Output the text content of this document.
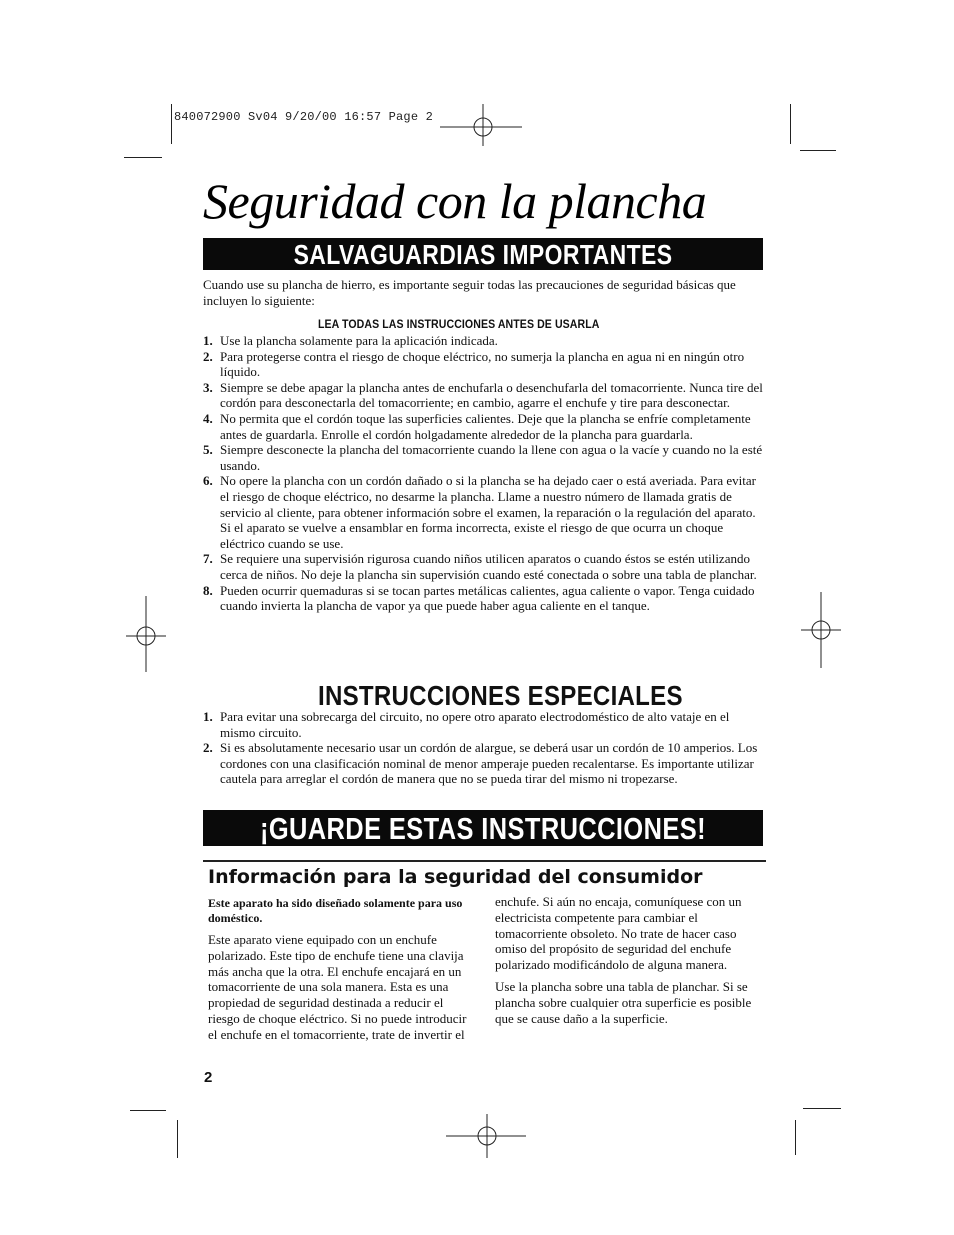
840072900 Sv04 9/20/00 16:57 Page 2
Seguridad con la plancha
SALVAGUARDIAS IMPORTANTES
Cuando use su plancha de hierro, es importante seguir todas las precauciones de seguridad básicas que incluyen lo siguiente:
LEA TODAS LAS INSTRUCCIONES ANTES DE USARLA
1. Use la plancha solamente para la aplicación indicada.
2. Para protegerse contra el riesgo de choque eléctrico, no sumerja la plancha en agua ni en ningún otro líquido.
3. Siempre se debe apagar la plancha antes de enchufarla o desenchufarla del tomacorriente. Nunca tire del cordón para desconectarla del tomacorriente; en cambio, agarre el enchufe y tire para desconectar.
4. No permita que el cordón toque las superficies calientes. Deje que la plancha se enfríe completamente antes de guardarla. Enrolle el cordón holgadamente alrededor de la plancha para guardarla.
5. Siempre desconecte la plancha del tomacorriente cuando la llene con agua o la vacíe y cuando no la esté usando.
6. No opere la plancha con un cordón dañado o si la plancha se ha dejado caer o está averiada. Para evitar el riesgo de choque eléctrico, no desarme la plancha. Llame a nuestro número de llamada gratis de servicio al cliente, para obtener información sobre el examen, la reparación o la regulación del aparato. Si el aparato se vuelve a ensamblar en forma incorrecta, existe el riesgo de que ocurra un choque eléctrico cuando se use.
7. Se requiere una supervisión rigurosa cuando niños utilicen aparatos o cuando éstos se estén utilizando cerca de niños. No deje la plancha sin supervisión cuando esté conectada o sobre una tabla de planchar.
8. Pueden ocurrir quemaduras si se tocan partes metálicas calientes, agua caliente o vapor. Tenga cuidado cuando invierta la plancha de vapor ya que puede haber agua caliente en el tanque.
INSTRUCCIONES ESPECIALES
1. Para evitar una sobrecarga del circuito, no opere otro aparato electrodoméstico de alto vataje en el mismo circuito.
2. Si es absolutamente necesario usar un cordón de alargue, se deberá usar un cordón de 10 amperios. Los cordones con una clasificación nominal de menor amperaje pueden recalentarse. Es importante utilizar cautela para arreglar el cordón de manera que no se pueda tirar del mismo ni tropezarse.
¡GUARDE ESTAS INSTRUCCIONES!
Información para la seguridad del consumidor

Este aparato ha sido diseñado solamente para uso doméstico.

Este aparato viene equipado con un enchufe polarizado. Este tipo de enchufe tiene una clavija más ancha que la otra. El enchufe encajará en un tomacorriente de una sola manera. Esta es una propiedad de seguridad destinada a reducir el riesgo de choque eléctrico. Si no puede introducir el enchufe en el tomacorriente, trate de invertir el

enchufe. Si aún no encaja, comuníquese con un electricista competente para cambiar el tomacorriente obsoleto. No trate de hacer caso omiso del propósito de seguridad del enchufe polarizado modificándolo de alguna manera.

Use la plancha sobre una tabla de planchar. Si se plancha sobre cualquier otra superficie es posible que se cause daño a la superficie.

2
